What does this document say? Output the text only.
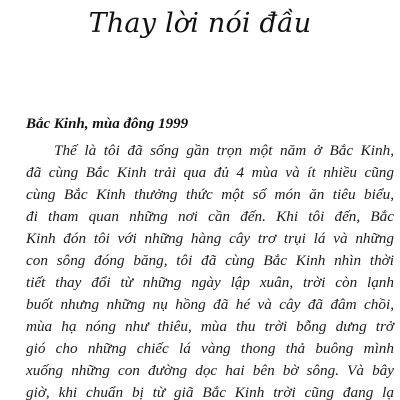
Thay lời nói đầu
Bắc Kinh, mùa đông 1999
Thế là tôi đã sống gần trọn một năm ở Bắc Kinh,
đã cùng Bắc Kinh trải qua đủ 4 mùa và ít nhiều cũng
cùng Bắc Kinh thưởng thức một số món ăn tiêu biểu,
đi tham quan những nơi cần đến. Khi tôi đến, Bắc
Kinh đón tôi với những hàng cây trơ trụi lá và những
con sông đóng băng, tôi đã cùng Bắc Kinh nhìn thời
tiết thay đổi từ những ngày lập xuân, trời còn lạnh
buốt nhưng những nụ hồng đã hé và cây đã đâm chồi,
mùa hạ nóng như thiêu, mùa thu trời bỗng dưng trở
gió cho những chiếc lá vàng thong thả buông mình
xuống những con đường dọc hai bên bờ sông. Và bây
giờ, khi chuẩn bị từ giã Bắc Kinh trời cũng đang lạ
